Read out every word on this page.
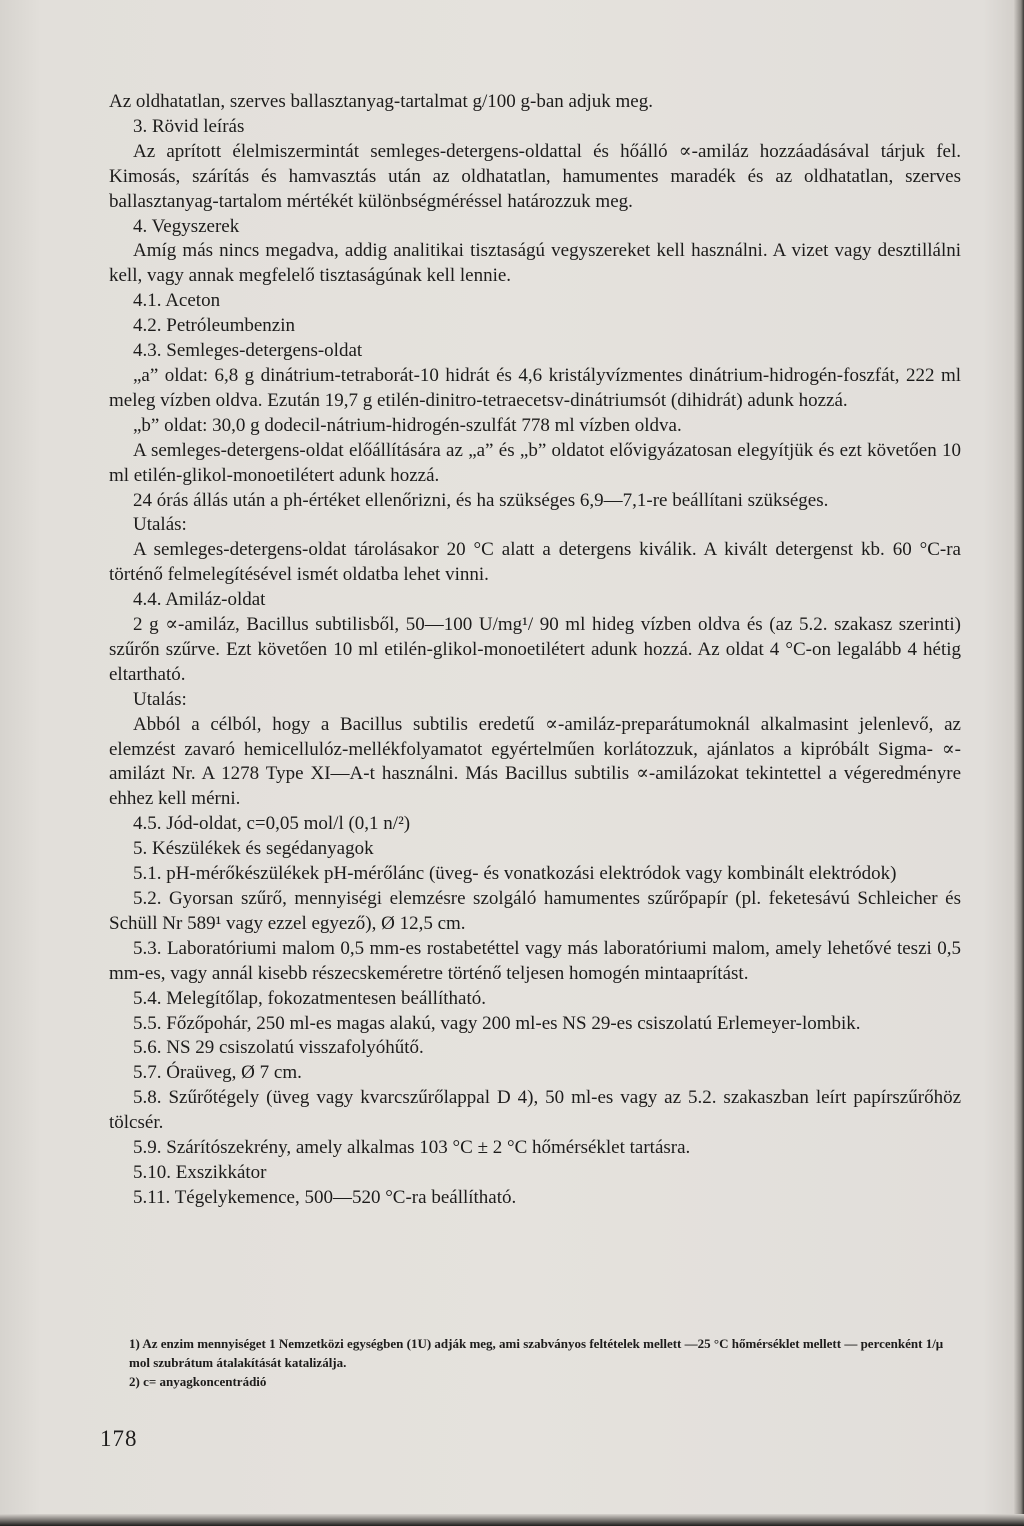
Az oldhatatlan, szerves ballasztanyag-tartalmat g/100 g-ban adjuk meg.

3. Rövid leírás

Az aprított élelmiszermintát semleges-detergens-oldattal és hőálló ∝-amiláz hozzáadásával tárjuk fel. Kimosás, szárítás és hamvasztás után az oldhatatlan, hamumentes maradék és az oldhatatlan, szerves ballasztanyag-tartalom mértékét különbségméréssel határozzuk meg.

4. Vegyszerek

Amíg más nincs megadva, addig analitikai tisztaságú vegyszereket kell használni. A vizet vagy desztillálni kell, vagy annak megfelelő tisztaságúnak kell lennie.

4.1. Aceton

4.2. Petróleumbenzin

4.3. Semleges-detergens-oldat

„a” oldat: 6,8 g dinátrium-tetraborát-10 hidrát és 4,6 kristályvízmentes dinátrium-hidrogén-foszfát, 222 ml meleg vízben oldva. Ezután 19,7 g etilén-dinitro-tetraecetsv-dinátriumsót (dihidrát) adunk hozzá.

„b” oldat: 30,0 g dodecil-nátrium-hidrogén-szulfát 778 ml vízben oldva.

A semleges-detergens-oldat előállítására az „a” és „b” oldatot elővigyázatosan elegyítjük és ezt követően 10 ml etilén-glikol-monoetilétert adunk hozzá.

24 órás állás után a ph-értéket ellenőrizni, és ha szükséges 6,9—7,1-re beállítani szükséges.

Utalás:

A semleges-detergens-oldat tárolásakor 20 °C alatt a detergens kiválik. A kivált detergenst kb. 60 °C-ra történő felmelegítésével ismét oldatba lehet vinni.

4.4. Amiláz-oldat

2 g ∝-amiláz, Bacillus subtilisből, 50—100 U/mg¹/ 90 ml hideg vízben oldva és (az 5.2. szakasz szerinti) szűrőn szűrve. Ezt követően 10 ml etilén-glikol-monoetilétert adunk hozzá. Az oldat 4 °C-on legalább 4 hétig eltartható.

Utalás:

Abból a célból, hogy a Bacillus subtilis eredetű ∝-amiláz-preparátumoknál alkalmasint jelenlevő, az elemzést zavaró hemicellulóz-mellékfolyamatot egyértelműen korlátozzuk, ajánlatos a kipróbált Sigma- ∝-amilázt Nr. A 1278 Type XI—A-t használni. Más Bacillus subtilis ∝-amilázokat tekintettel a végeredményre ehhez kell mérni.

4.5. Jód-oldat, c=0,05 mol/l (0,1 n/²)

5. Készülékek és segédanyagok

5.1. pH-mérőkészülékek pH-mérőlánc (üveg- és vonatkozási elektródok vagy kombinált elektródok)

5.2. Gyorsan szűrő, mennyiségi elemzésre szolgáló hamumentes szűrőpapír (pl. feketesávú Schleicher és Schüll Nr 589¹ vagy ezzel egyező), Ø 12,5 cm.

5.3. Laboratóriumi malom 0,5 mm-es rostabetéttel vagy más laboratóriumi malom, amely lehetővé teszi 0,5 mm-es, vagy annál kisebb részecskeméretre történő teljesen homogén mintaaprítást.

5.4. Melegítőlap, fokozatmentesen beállítható.

5.5. Főzőpohár, 250 ml-es magas alakú, vagy 200 ml-es NS 29-es csiszolatú Erlemeyer-lombik.

5.6. NS 29 csiszolatú visszafolyóhűtő.

5.7. Óraüveg, Ø 7 cm.

5.8. Szűrőtégely (üveg vagy kvarcszűrőlappal D 4), 50 ml-es vagy az 5.2. szakaszban leírt papírszűrőhöz tölcsér.

5.9. Szárítószekrény, amely alkalmas 103 °C ± 2 °C hőmérséklet tartásra.

5.10. Exszikkátor

5.11. Tégelykemence, 500—520 °C-ra beállítható.

1) Az enzim mennyiséget 1 Nemzetközi egységben (1U) adják meg, ami szabványos feltételek mellett —25 °C hőmérséklet mellett — percenként 1/μ mol szubrátum átalakítását katalizálja.

2) c= anyagkoncentrádió

178
